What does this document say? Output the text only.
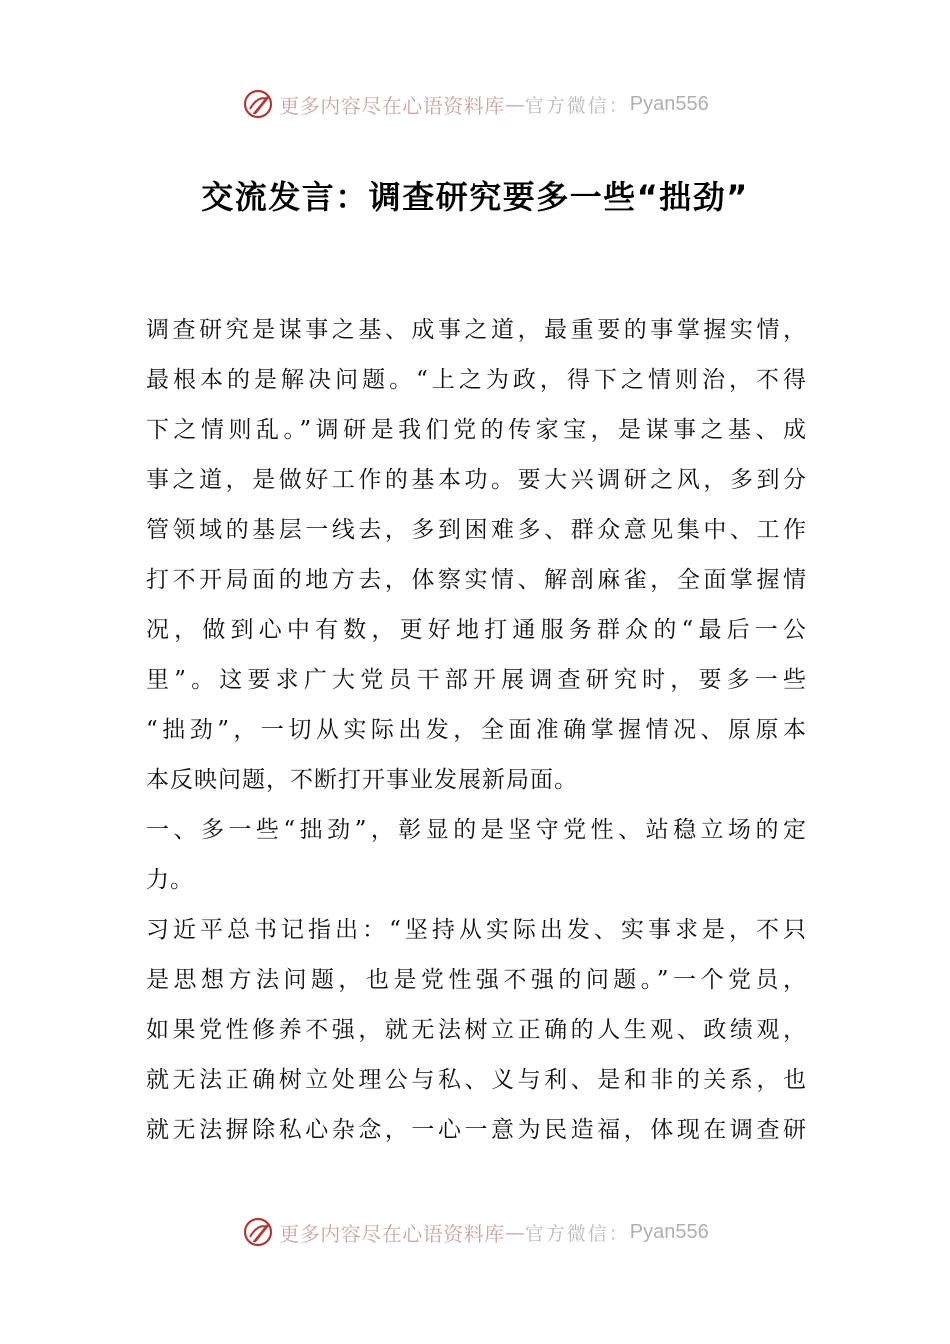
更多内容尽在心语资料库 — 官方微信： Pyan556
交流发言：调查研究要多一些“拙劲”
调查研究是谋事之基、成事之道，最重要的事掌握实情，
最根本的是解决问题。“上之为政，得下之情则治，不得
下之情则乱。”调研是我们党的传家宝，是谋事之基、成
事之道，是做好工作的基本功。要大兴调研之风，多到分
管领域的基层一线去，多到困难多、群众意见集中、工作
打不开局面的地方去，体察实情、解剖麻雀，全面掌握情
况，做到心中有数，更好地打通服务群众的“最后一公
里”。这要求广大党员干部开展调查研究时，要多一些
“拙劲”，一切从实际出发，全面准确掌握情况、原原本
本反映问题，不断打开事业发展新局面。
一、多一些“拙劲”，彰显的是坚守党性、站稳立场的定
力。
习近平总书记指出：“坚持从实际出发、实事求是，不只
是思想方法问题，也是党性强不强的问题。”一个党员，
如果党性修养不强，就无法树立正确的人生观、政绩观，
就无法正确树立处理公与私、义与利、是和非的关系，也
就无法摒除私心杂念，一心一意为民造福，体现在调查研
更多内容尽在心语资料库 — 官方微信： Pyan556
